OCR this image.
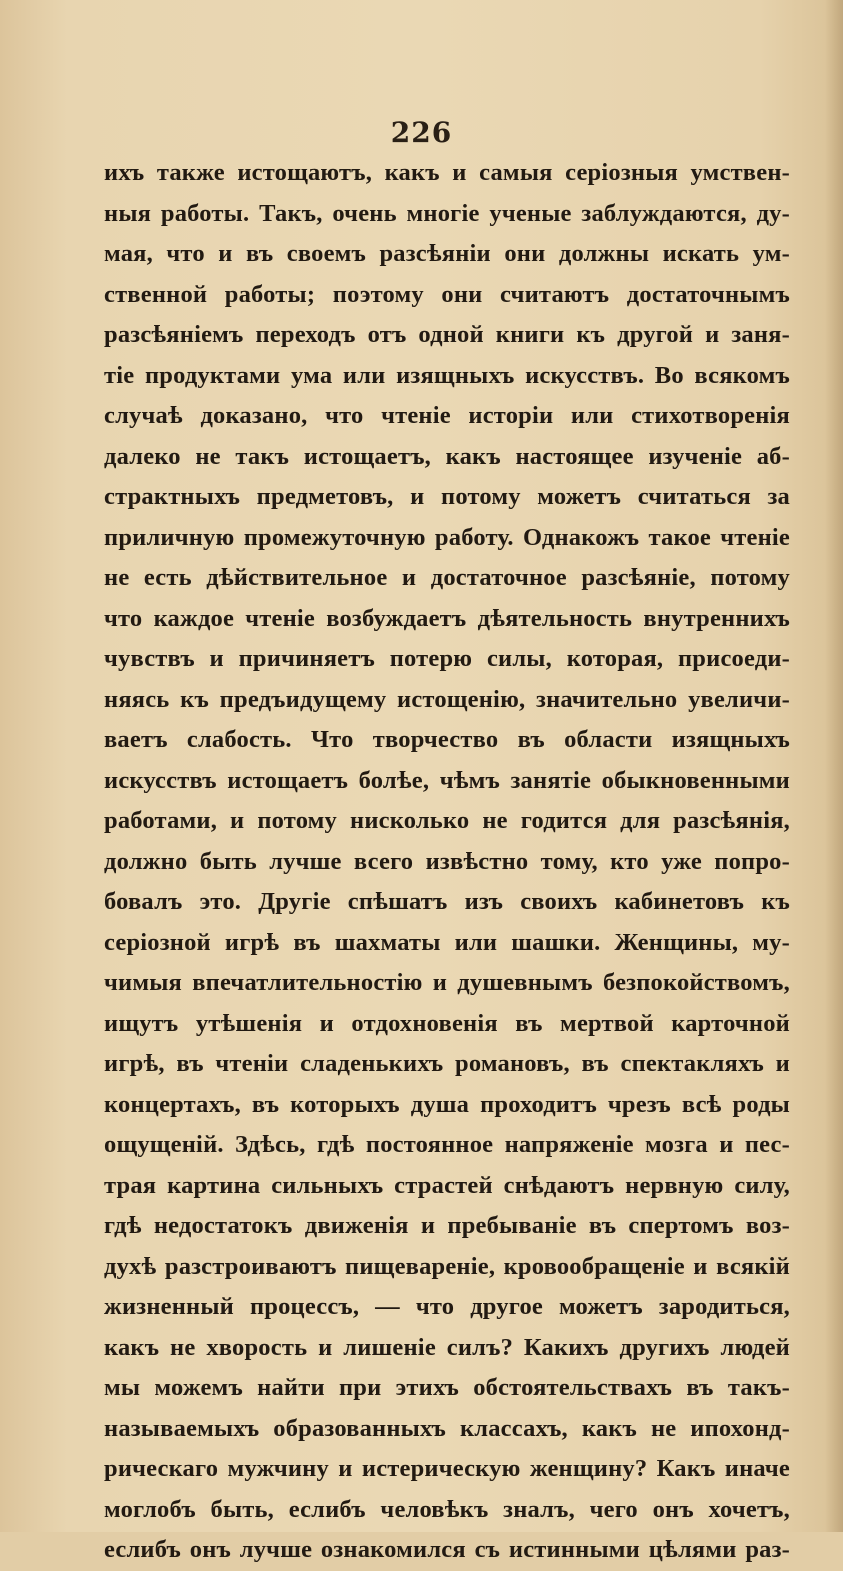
226
ихъ также истощаютъ, какъ и самыя серіозныя умствен-
ныя работы. Такъ, очень многіе ученые заблуждаются, ду-
мая, что и въ своемъ разсѣяніи они должны искать ум-
ственной работы; поэтому они считаютъ достаточнымъ
разсѣяніемъ переходъ отъ одной книги къ другой и заня-
тіе продуктами ума или изящныхъ искусствъ. Во всякомъ
случаѣ доказано, что чтеніе исторіи или стихотворенія
далеко не такъ истощаетъ, какъ настоящее изученіе аб-
страктныхъ предметовъ, и потому можетъ считаться за
приличную промежуточную работу. Однакожъ такое чтеніе
не есть дѣйствительное и достаточное разсѣяніе, потому
что каждое чтеніе возбуждаетъ дѣятельность внутреннихъ
чувствъ и причиняетъ потерю силы, которая, присоеди-
няясь къ предъидущему истощенію, значительно увеличи-
ваетъ слабость. Что творчество въ области изящныхъ
искусствъ истощаетъ болѣе, чѣмъ занятіе обыкновенными
работами, и потому нисколько не годится для разсѣянія,
должно быть лучше всего извѣстно тому, кто уже попро-
бовалъ это. Другіе спѣшатъ изъ своихъ кабинетовъ къ
серіозной игрѣ въ шахматы или шашки. Женщины, му-
чимыя впечатлительностію и душевнымъ безпокойствомъ,
ищутъ утѣшенія и отдохновенія въ мертвой карточной
игрѣ, въ чтеніи сладенькихъ романовъ, въ спектакляхъ и
концертахъ, въ которыхъ душа проходитъ чрезъ всѣ роды
ощущеній. Здѣсь, гдѣ постоянное напряженіе мозга и пес-
трая картина сильныхъ страстей снѣдаютъ нервную силу,
гдѣ недостатокъ движенія и пребываніе въ спертомъ воз-
духѣ разстроиваютъ пищевареніе, кровообращеніе и всякій
жизненный процессъ, — что другое можетъ зародиться,
какъ не хворость и лишеніе силъ? Какихъ другихъ людей
мы можемъ найти при этихъ обстоятельствахъ въ такъ-
называемыхъ образованныхъ классахъ, какъ не ипохонд-
рическаго мужчину и истерическую женщину? Какъ иначе
моглобъ быть, еслибъ человѣкъ зналъ, чего онъ хочетъ,
еслибъ онъ лучше ознакомился съ истинными цѣлями раз-
